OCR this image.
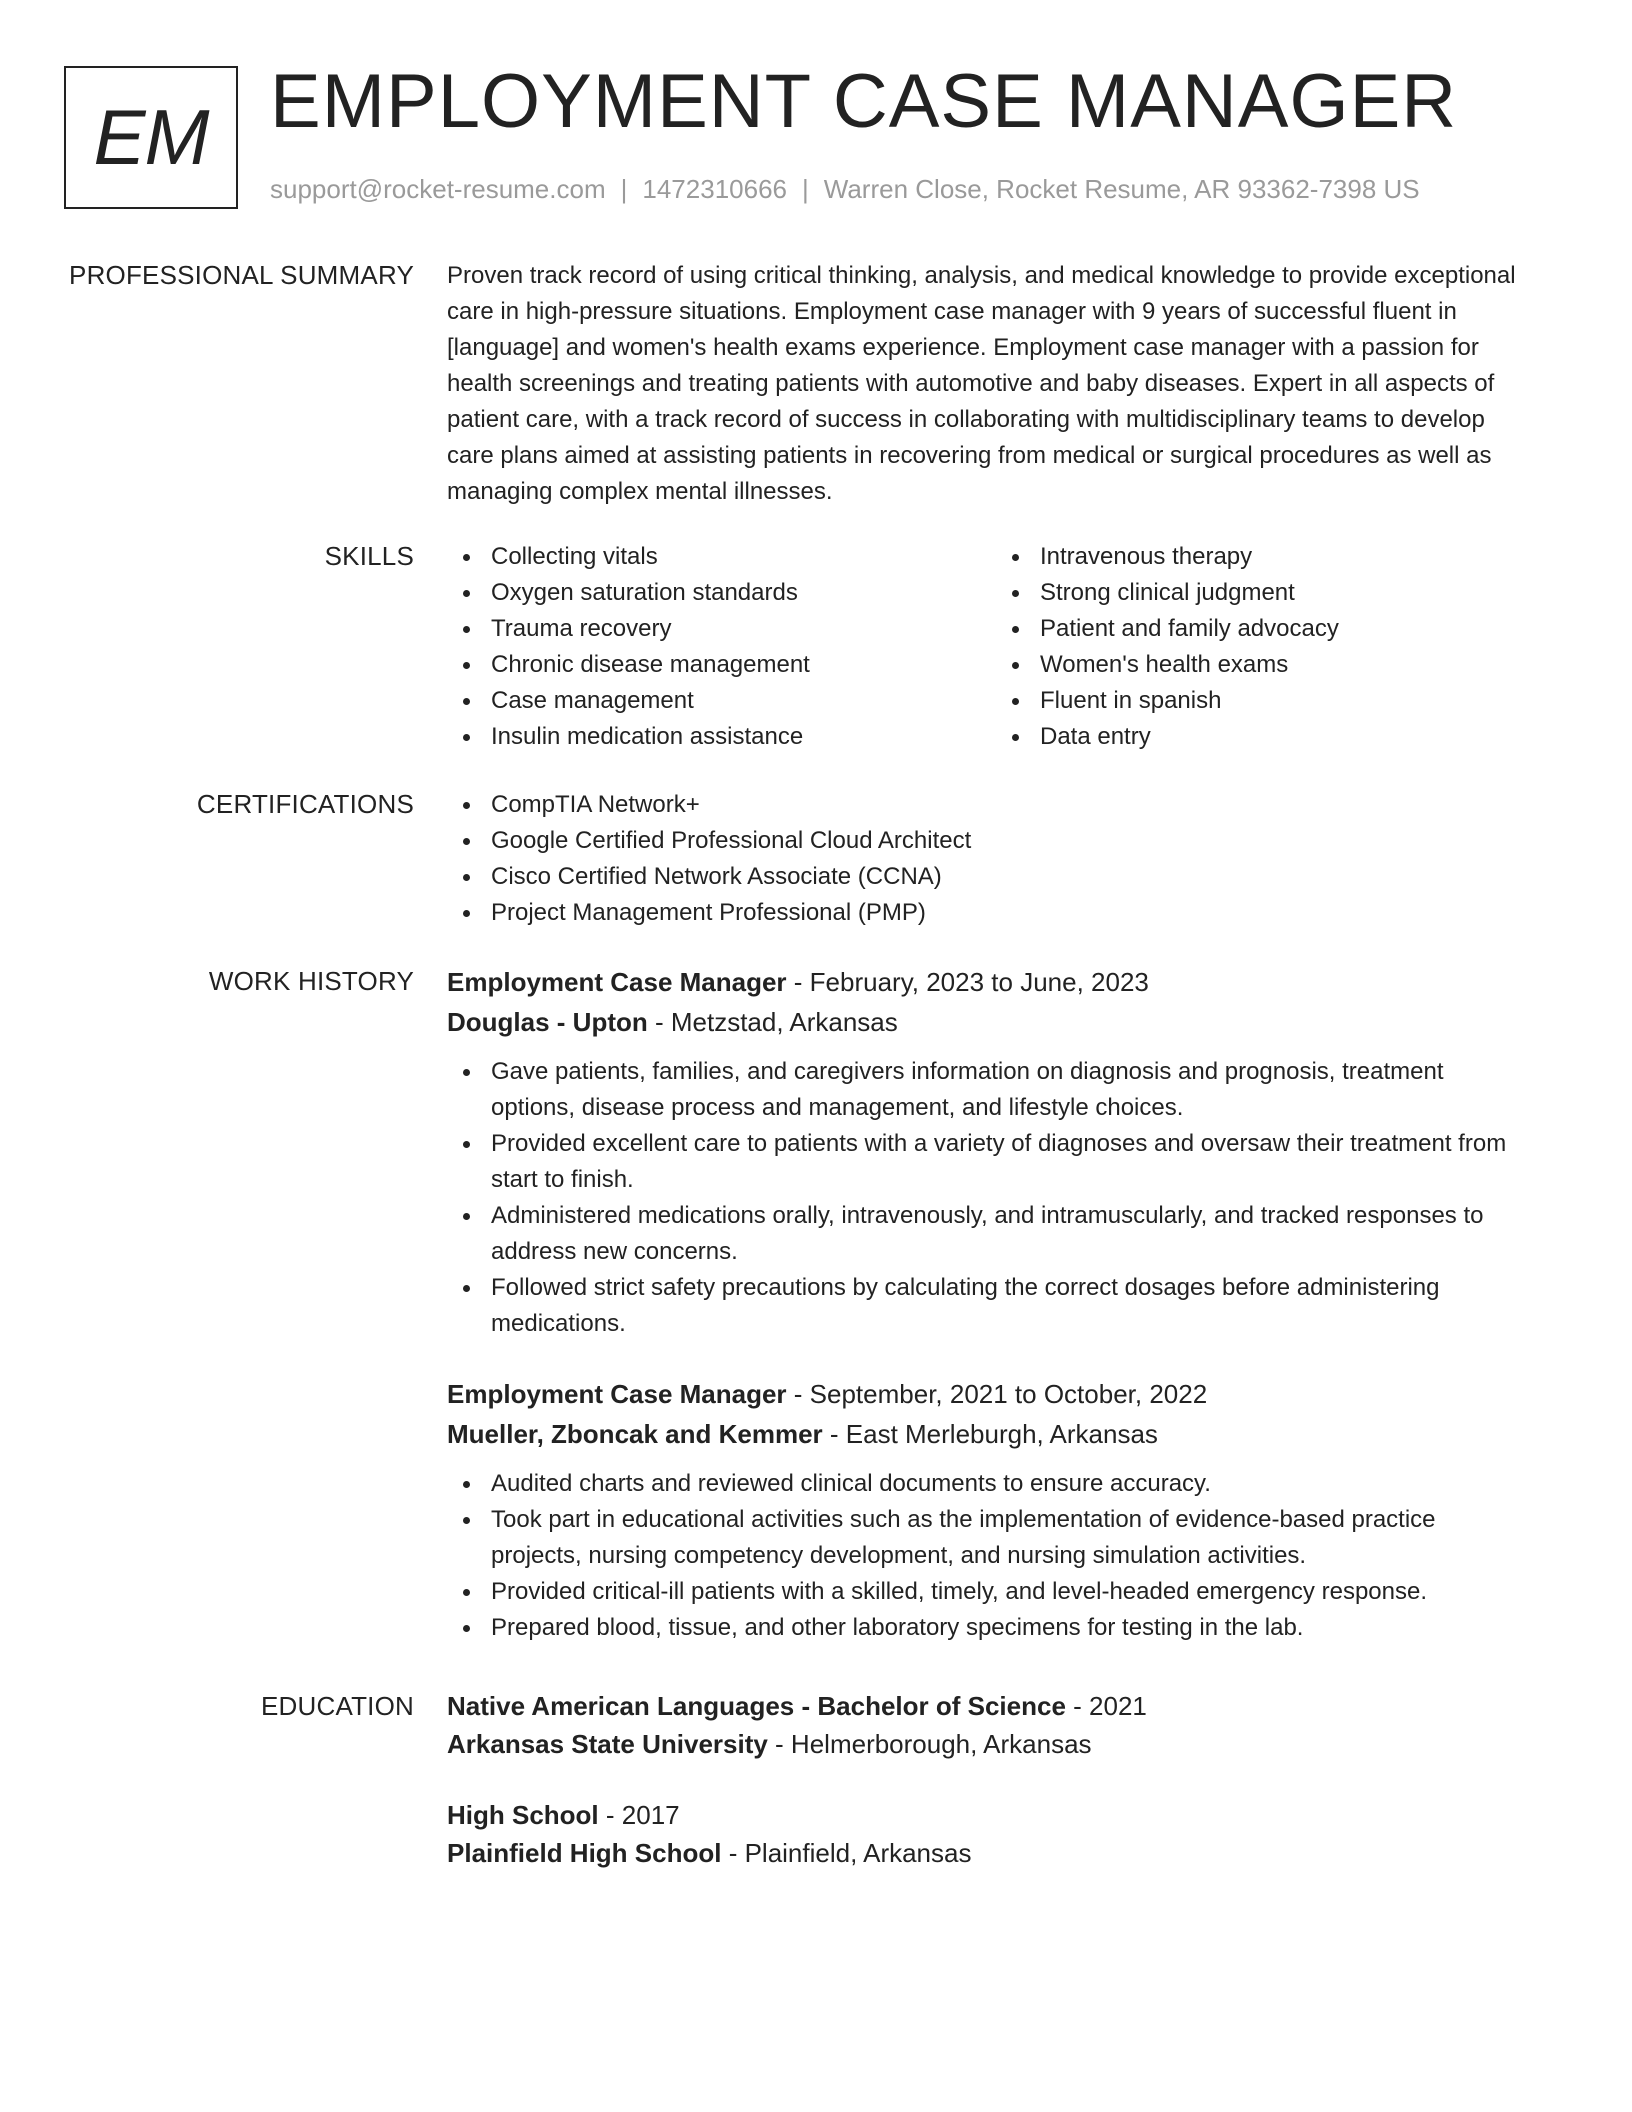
EM EMPLOYMENT CASE MANAGER
support@rocket-resume.com | 1472310666 | Warren Close, Rocket Resume, AR 93362-7398 US
PROFESSIONAL SUMMARY Proven track record of using critical thinking, analysis, and medical knowledge to provide exceptional
care in high-pressure situations. Employment case manager with 9 years of successful fluent in
[language] and women's health exams experience. Employment case manager with a passion for
health screenings and treating patients with automotive and baby diseases. Expert in all aspects of
patient care, with a track record of success in collaborating with multidisciplinary teams to develop
care plans aimed at assisting patients in recovering from medical or surgical procedures as well as
managing complex mental illnesses.
SKILLS	Collecting vitals
Oxygen saturation standards
Trauma recovery
Chronic disease management
Case management
Insulin medication assistance
Intravenous therapy
Strong clinical judgment
Patient and family advocacy
Women's health exams
Fluent in spanish
Data entry
CERTIFICATIONS	CompTIA Network+
Google Certified Professional Cloud Architect
Cisco Certified Network Associate (CCNA)
Project Management Professional (PMP)
WORK HISTORY Employment Case Manager - February, 2023 to June, 2023
Douglas - Upton - Metzstad, Arkansas
Gave patients, families, and caregivers information on diagnosis and prognosis, treatment
options, disease process and management, and lifestyle choices.
Provided excellent care to patients with a variety of diagnoses and oversaw their treatment from
start to finish.
Administered medications orally, intravenously, and intramuscularly, and tracked responses to
address new concerns.
Followed strict safety precautions by calculating the correct dosages before administering
medications.
Employment Case Manager - September, 2021 to October, 2022
Mueller, Zboncak and Kemmer - East Merleburgh, Arkansas
Audited charts and reviewed clinical documents to ensure accuracy.
Took part in educational activities such as the implementation of evidence-based practice
projects, nursing competency development, and nursing simulation activities.
Provided critical-ill patients with a skilled, timely, and level-headed emergency response.
Prepared blood, tissue, and other laboratory specimens for testing in the lab.
EDUCATION Native American Languages - Bachelor of Science - 2021
Arkansas State University - Helmerborough, Arkansas
High School - 2017
Plainfield High School - Plainfield, Arkansas
